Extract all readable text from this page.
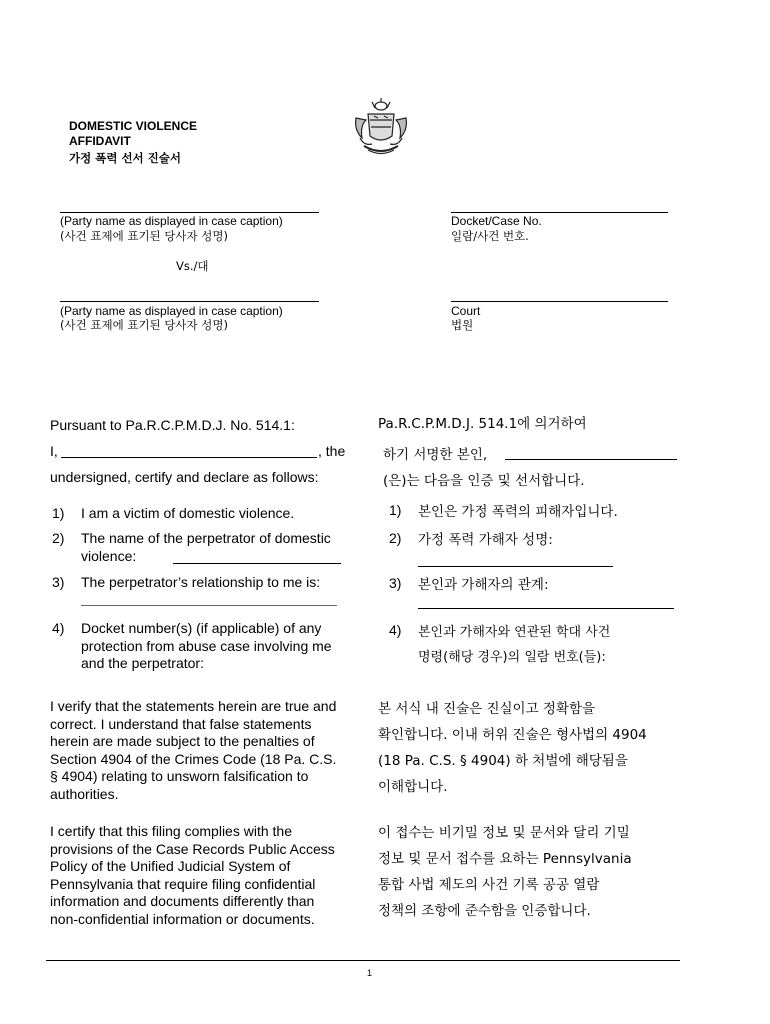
DOMESTIC VIOLENCE
AFFIDAVIT
가정 폭력 선서 진술서
(Party name as displayed in case caption)
(사건 표제에 표기된 당사자 성명)
Docket/Case No.
일람/사건 번호.
Vs./대
(Party name as displayed in case caption)
(사건 표제에 표기된 당사자 성명)
Court
법원
Pursuant to Pa.R.C.P.M.D.J. No. 514.1:
I,	, the
undersigned, certify and declare as follows:
1) I am a victim of domestic violence.
2) The name of the perpetrator of domestic
violence:
3) The perpetrator’s relationship to me is:
4) Docket number(s) (if applicable) of any
protection from abuse case involving me
and the perpetrator:
I verify that the statements herein are true and
correct. I understand that false statements
herein are made subject to the penalties of
Section 4904 of the Crimes Code (18 Pa. C.S.
§ 4904) relating to unsworn falsification to
authorities.
I certify that this filing complies with the
provisions of the Case Records Public Access
Policy of the Unified Judicial System of
Pennsylvania that require filing confidential
information and documents differently than
non-confidential information or documents.
Pa.R.C.P.M.D.J. 514.1에 의거하여
하기 서명한 본인,
(은)는 다음을 인증 및 선서합니다.
1) 본인은 가정 폭력의 피해자입니다.
2) 가정 폭력 가해자 성명:
3) 본인과 가해자의 관계:
4) 본인과 가해자와 연관된 학대 사건
명령(해당 경우)의 일람 번호(들):
본 서식 내 진술은 진실이고 정확함을
확인합니다. 이내 허위 진술은 형사법의 4904
(18 Pa. C.S. § 4904) 하 처벌에 해당됨을
이해합니다.
이 접수는 비기밀 정보 및 문서와 달리 기밀
정보 및 문서 접수를 요하는 Pennsylvania
통합 사법 제도의 사건 기록 공공 열람
정책의 조항에 준수함을 인증합니다.
1
